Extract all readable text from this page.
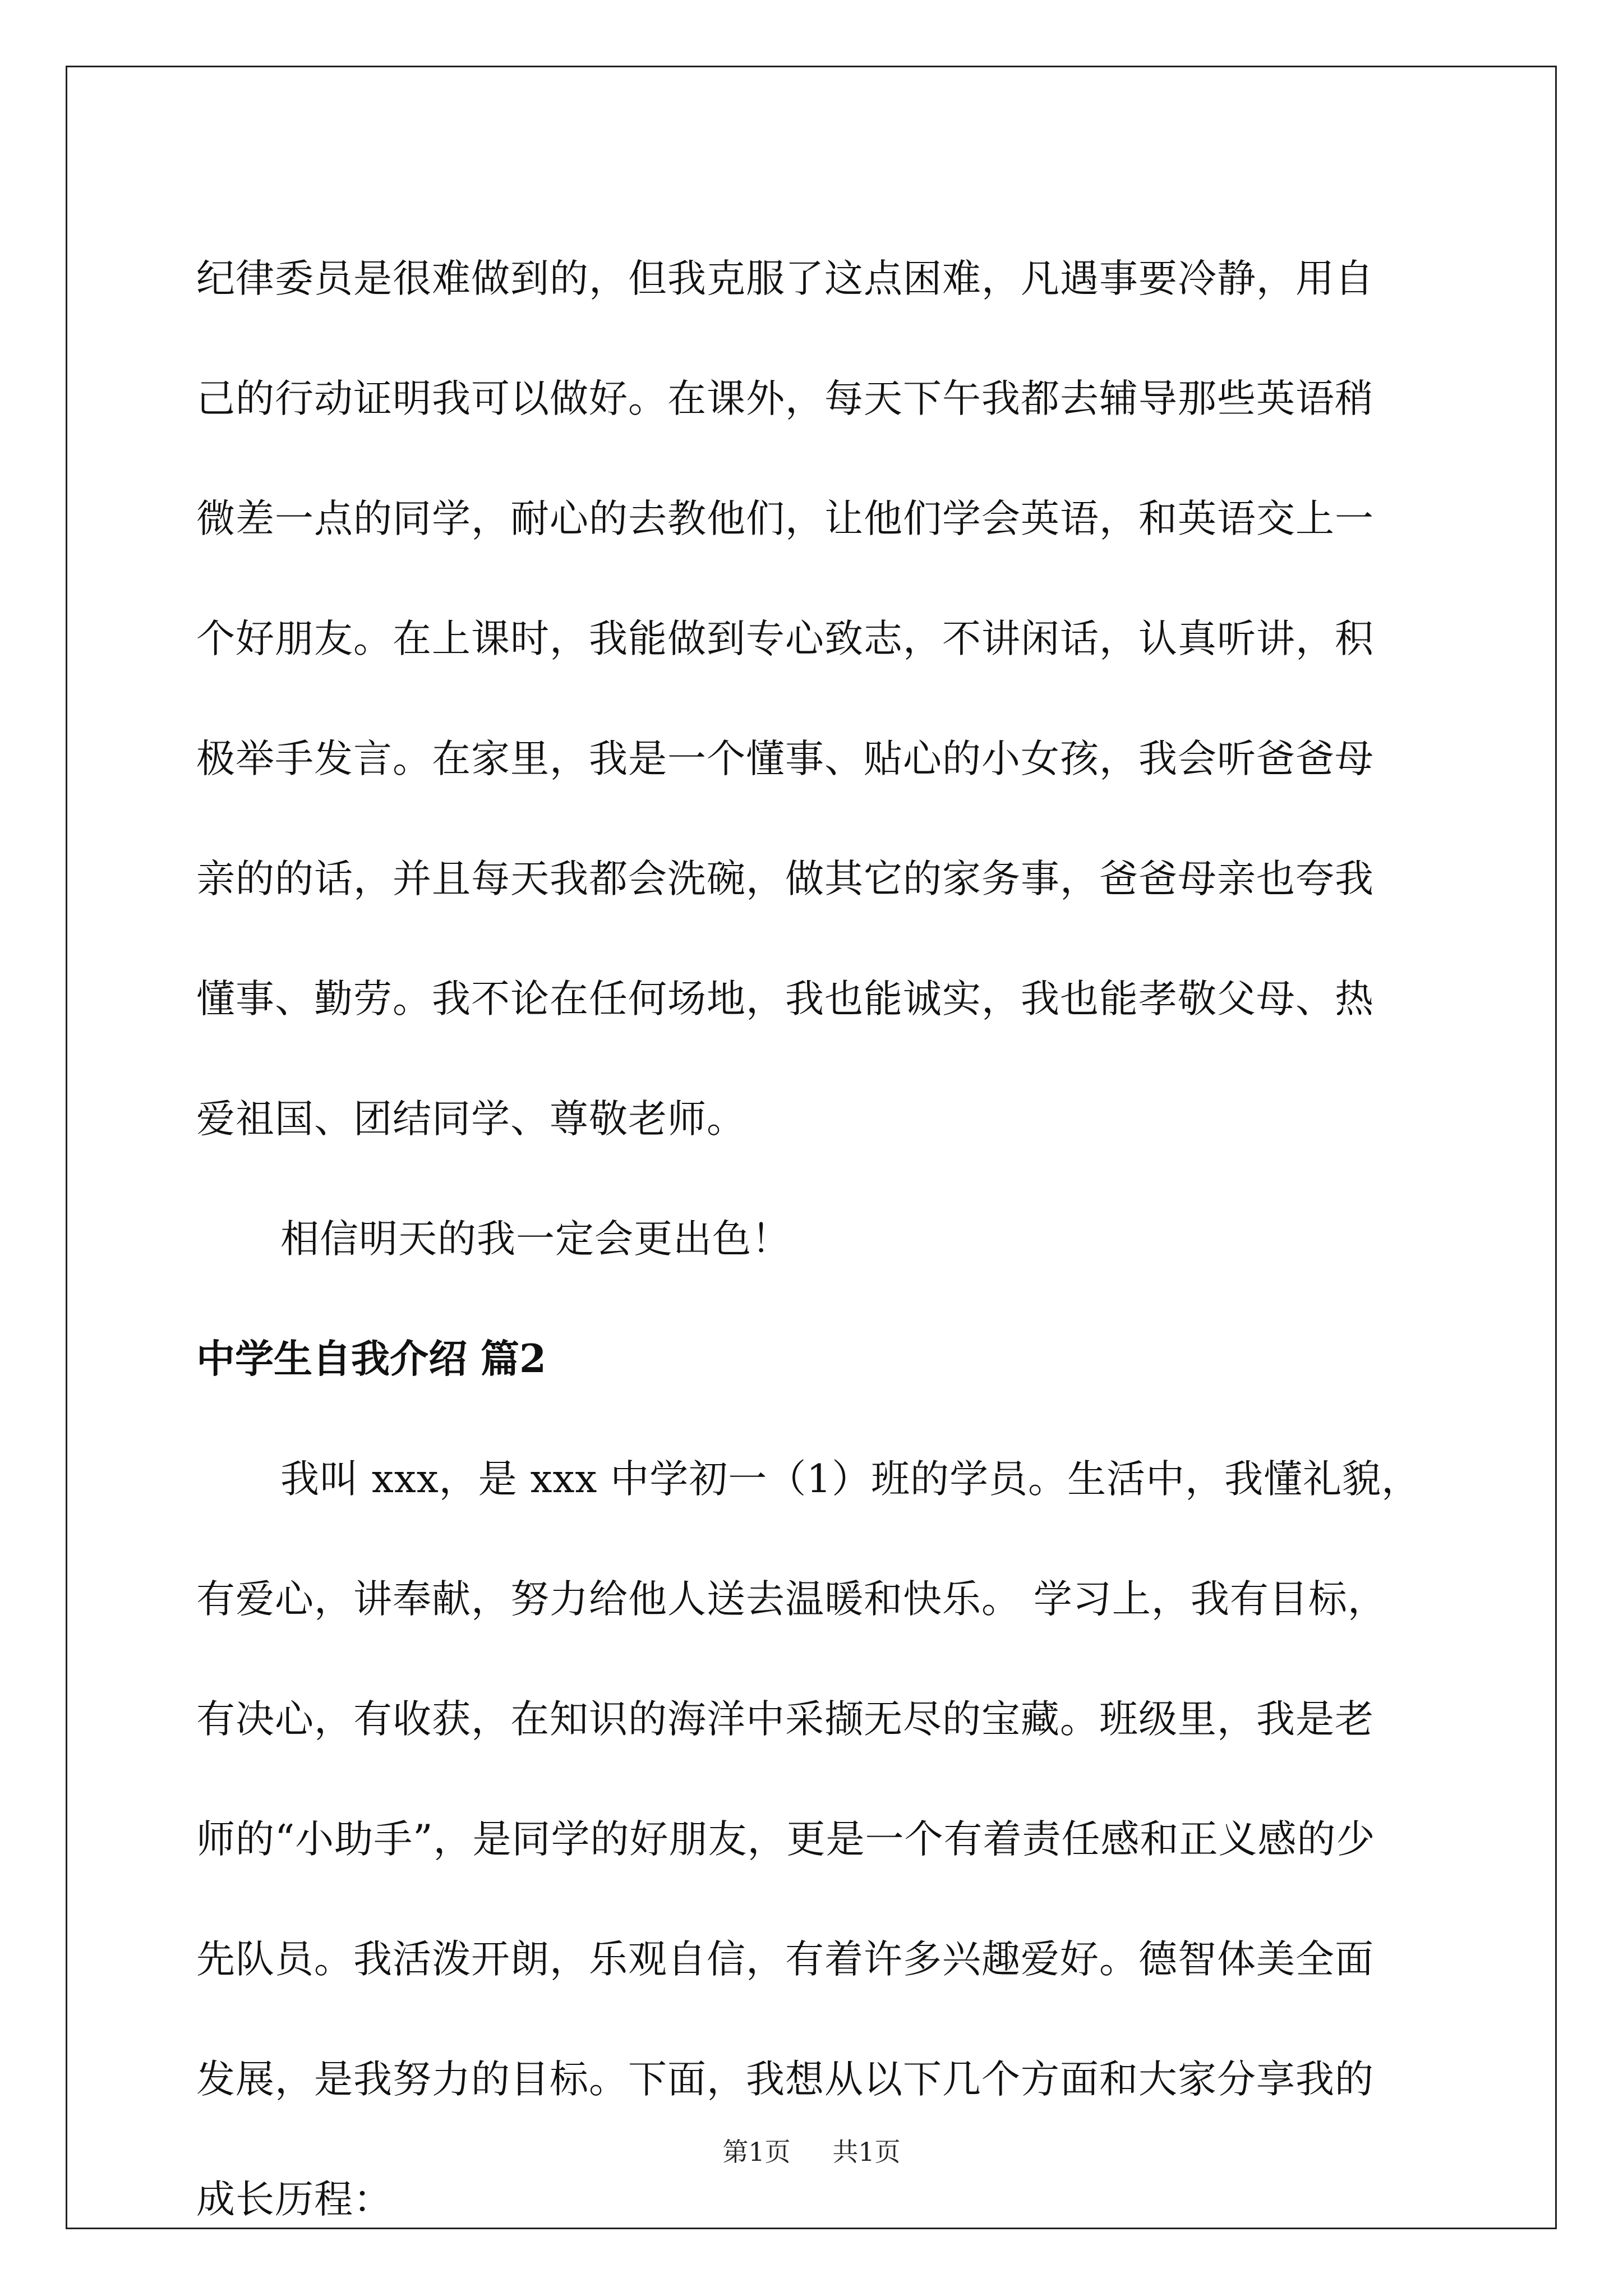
纪律委员是很难做到的，但我克服了这点困难，凡遇事要冷静，用自
己的行动证明我可以做好。在课外，每天下午我都去辅导那些英语稍
微差一点的同学，耐心的去教他们，让他们学会英语，和英语交上一
个好朋友。在上课时，我能做到专心致志，不讲闲话，认真听讲，积
极举手发言。在家里，我是一个懂事、贴心的小女孩，我会听爸爸母
亲的的话，并且每天我都会洗碗，做其它的家务事，爸爸母亲也夸我
懂事、勤劳。我不论在任何场地，我也能诚实，我也能孝敬父母、热
爱祖国、团结同学、尊敬老师。

相信明天的我一定会更出色！

中学生自我介绍 篇2

我叫 xxx，是 xxx 中学初一（1）班的学员。生活中，我懂礼貌，
有爱心，讲奉献，努力给他人送去温暖和快乐。 学习上，我有目标，
有决心，有收获，在知识的海洋中采撷无尽的宝藏。班级里，我是老
师的“小助手”，是同学的好朋友，更是一个有着责任感和正义感的少
先队员。我活泼开朗，乐观自信，有着许多兴趣爱好。德智体美全面
发展，是我努力的目标。下面，我想从以下几个方面和大家分享我的
成长历程：

第1页 共1页
